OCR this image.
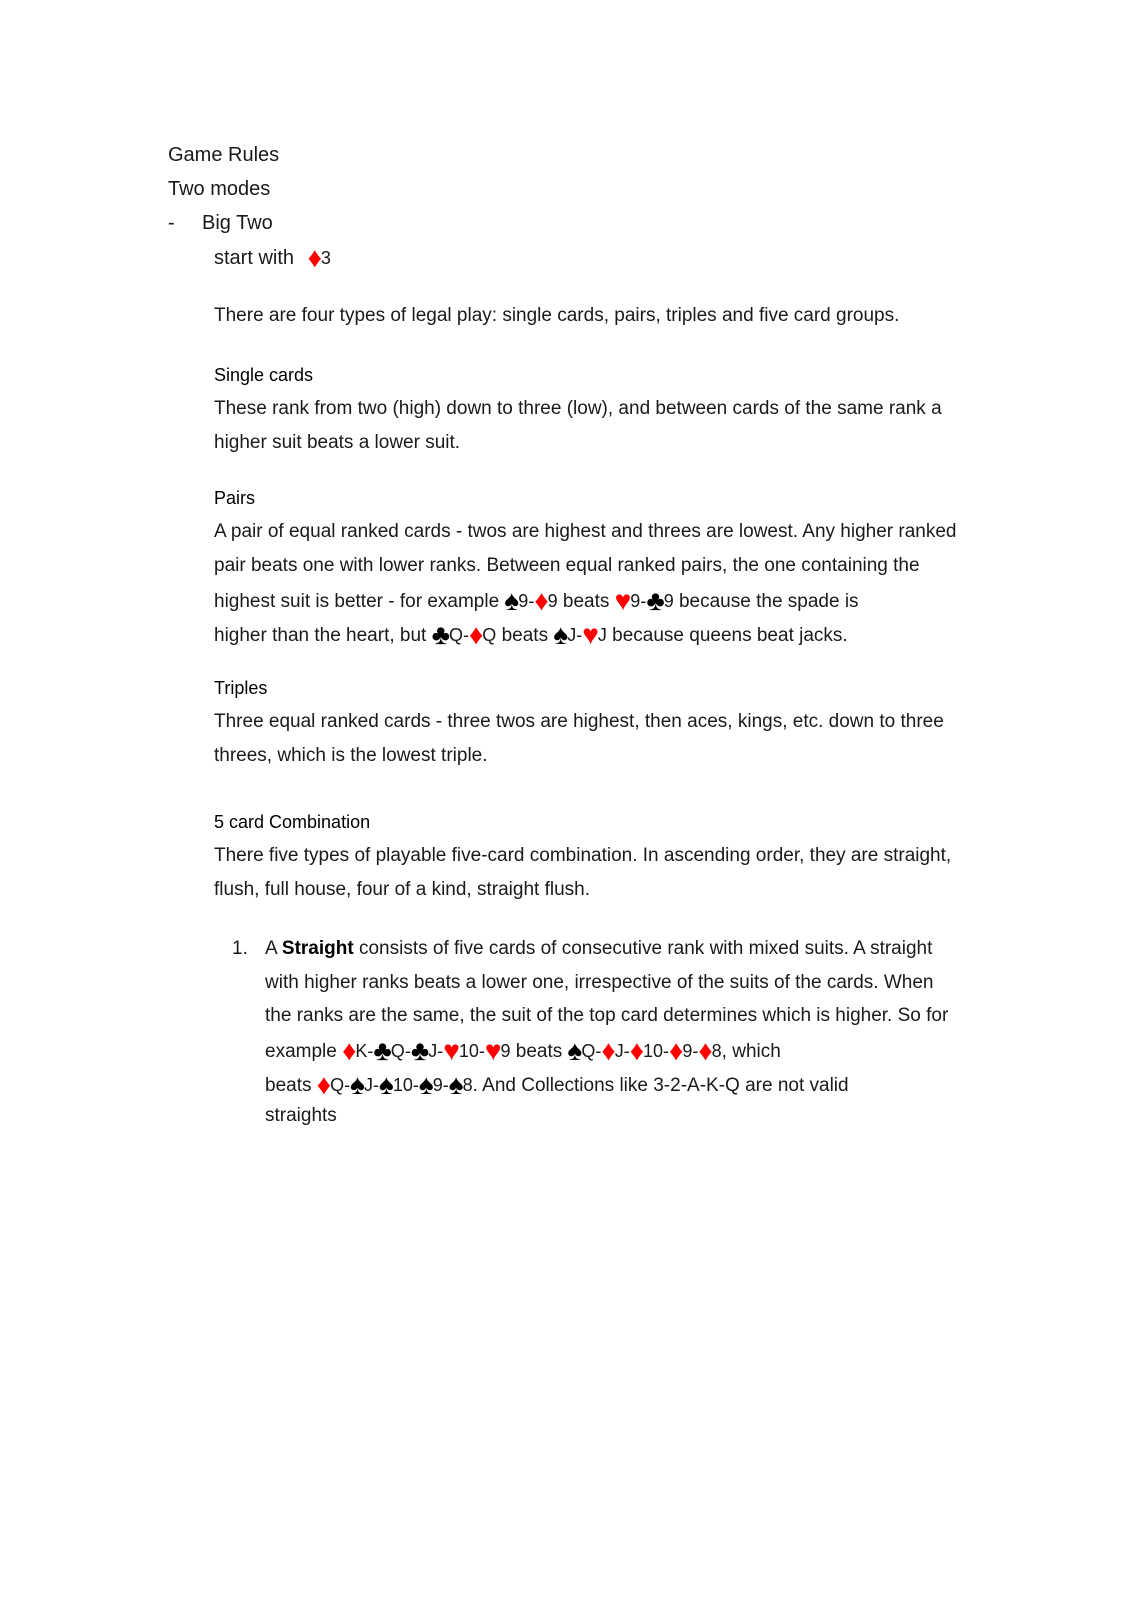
Game Rules
Two modes
- Big Two
start with ♦3
There are four types of legal play: single cards, pairs, triples and five card groups.
Single cards
These rank from two (high) down to three (low), and between cards of the same rank a
higher suit beats a lower suit.
Pairs
A pair of equal ranked cards - twos are highest and threes are lowest. Any higher ranked
pair beats one with lower ranks. Between equal ranked pairs, the one containing the
highest suit is better - for example ♠9-♦9 beats ♥9-♣9 because the spade is
higher than the heart, but ♣Q-♦Q beats ♠J-♥J because queens beat jacks.
Triples
Three equal ranked cards - three twos are highest, then aces, kings, etc. down to three
threes, which is the lowest triple.
5 card Combination
There five types of playable five-card combination. In ascending order, they are straight,
flush, full house, four of a kind, straight flush.
1. A Straight consists of five cards of consecutive rank with mixed suits. A straight
with higher ranks beats a lower one, irrespective of the suits of the cards. When
the ranks are the same, the suit of the top card determines which is higher. So for
example ♦K-♣Q-♣J-♥10-♥9 beats ♠Q-♦J-♦10-♦9-♦8, which
beats ♦Q-♠J-♠10-♠9-♠8. And Collections like 3-2-A-K-Q are not valid
straights
